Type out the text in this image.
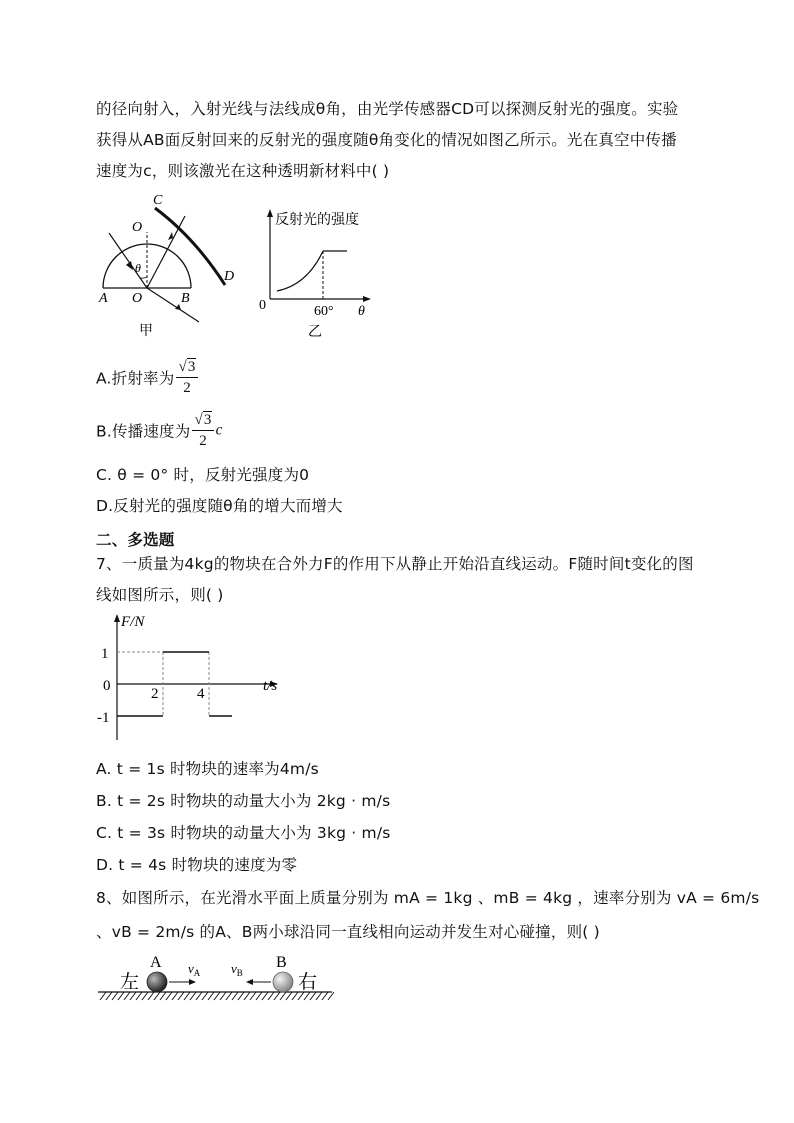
的径向射入，入射光线与法线成θ角，由光学传感器CD可以探测反射光的强度。实验
获得从AB面反射回来的反射光的强度随θ角变化的情况如图乙所示。光在真空中传播
速度为c，则该激光在这种透明新材料中( )
C
D
O
O
A	B
θ
甲
反射光的强度
0	60° θ
乙
A.折射率为 $\frac{√3}{2}$
B.传播速度为 $\frac{√3}{2}$ c
C. θ = 0° 时，反射光强度为0
D.反射光的强度随θ角的增大而增大
二、多选题
7、一质量为4kg的物块在合外力F的作用下从静止开始沿直线运动。F随时间t变化的图
线如图所示，则( )
F/N
t/s
1
0
-1
2	4
A. t = 1s 时物块的速率为4m/s
B. t = 2s 时物块的动量大小为 2kg · m/s
C. t = 3s 时物块的动量大小为 3kg · m/s
D. t = 4s 时物块的速度为零
8、如图所示，在光滑水平面上质量分别为 mA = 1kg 、mB = 4kg ，速率分别为 vA = 6m/s
、vB = 2m/s 的A、B两小球沿同一直线相向运动并发生对心碰撞，则( )
左	右
A	B
$v_A$ $v_B$
